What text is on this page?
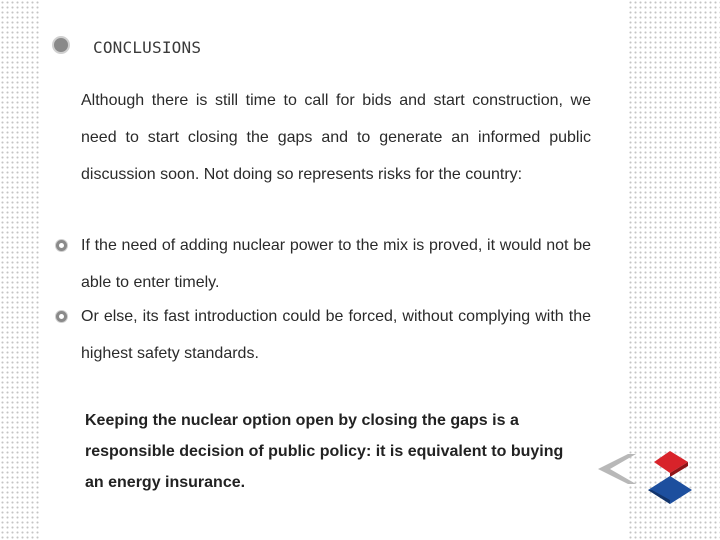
CONCLUSIONS
Although there is still time to call for bids and start construction, we need to start closing the gaps and to generate an informed public discussion soon. Not doing so represents risks for the country:
If the need of adding nuclear power to the mix is proved, it would not be able to enter timely.
Or else, its fast introduction could be forced, without complying with the highest safety standards.
Keeping the nuclear option open by closing the gaps is a responsible decision of public policy: it is equivalent to buying an energy insurance.
